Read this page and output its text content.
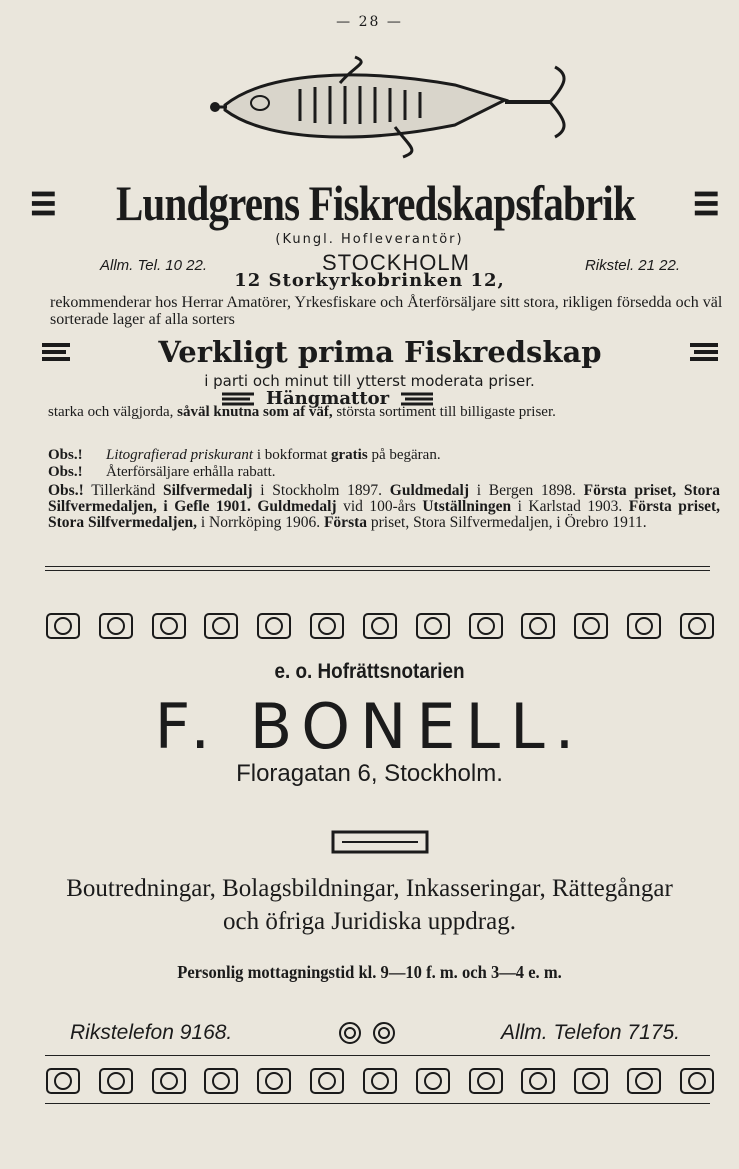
— 28 —
Lundgrens Fiskredskapsfabrik
(Kungl. Hofleverantör)
Allm. Tel. 10 22.	STOCKHOLM	Rikstel. 21 22.
12 Storkyrkobrinken 12,
rekommenderar hos Herrar Amatörer, Yrkesfiskare och Återförsäljare sitt stora, rikligen försedda och väl sorterade lager af alla sorters
Verkligt prima Fiskredskap
i parti och minut till ytterst moderata priser.
Hängmattor
starka och välgjorda, såväl knutna som af väf, största sortiment till billigaste priser.
Obs.! Litografierad priskurant i bokformat gratis på begäran.
Obs.! Återförsäljare erhålla rabatt.
Obs.! Tillerkänd Silfvermedalj i Stockholm 1897. Guldmedalj i Bergen 1898. Första priset, Stora Silfvermedaljen, i Gefle 1901. Guldmedalj vid 100-års Utställningen i Karlstad 1903. Första priset, Stora Silfvermedaljen, i Norrköping 1906. Första priset, Stora Silfvermedaljen, i Örebro 1911.
e. o. Hofrättsnotarien
F. BONELL.
Floragatan 6, Stockholm.
Boutredningar, Bolagsbildningar, Inkasseringar, Rättegångar
och öfriga Juridiska uppdrag.
Personlig mottagningstid kl. 9—10 f. m. och 3—4 e. m.
Rikstelefon 9168.	Allm. Telefon 7175.
